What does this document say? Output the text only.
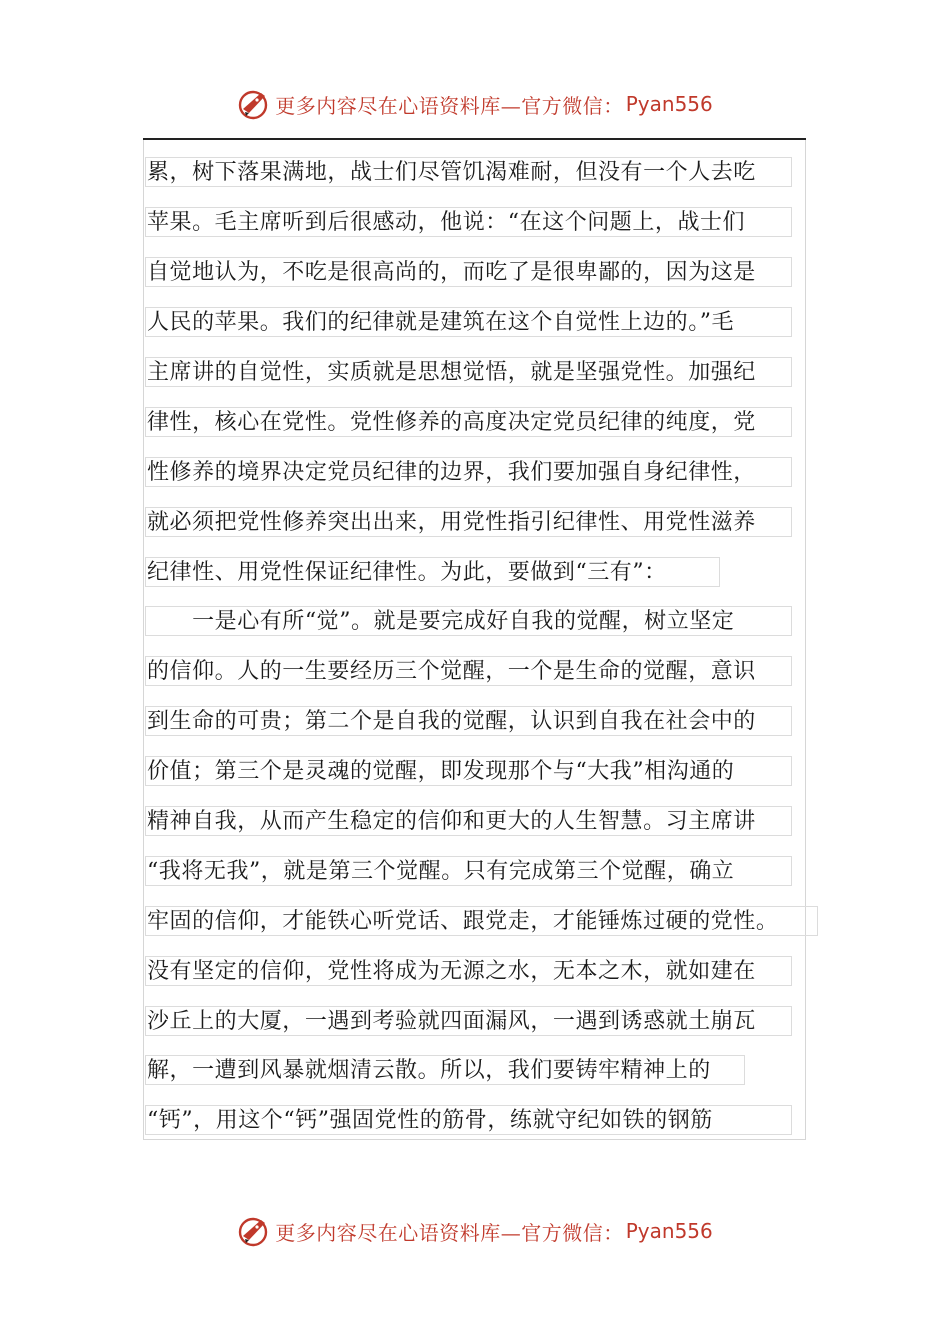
更多内容尽在心语资料库—官方微信： Pyan556
累，树下落果满地，战士们尽管饥渴难耐，但没有一个人去吃
苹果。毛主席听到后很感动，他说：“在这个问题上，战士们
自觉地认为，不吃是很高尚的，而吃了是很卑鄙的，因为这是
人民的苹果。我们的纪律就是建筑在这个自觉性上边的。”毛
主席讲的自觉性，实质就是思想觉悟，就是坚强党性。加强纪
律性，核心在党性。党性修养的高度决定党员纪律的纯度，党
性修养的境界决定党员纪律的边界，我们要加强自身纪律性，
就必须把党性修养突出出来，用党性指引纪律性、用党性滋养
纪律性、用党性保证纪律性。为此，要做到“三有”：
　　一是心有所“觉”。就是要完成好自我的觉醒，树立坚定
的信仰。人的一生要经历三个觉醒，一个是生命的觉醒，意识
到生命的可贵；第二个是自我的觉醒，认识到自我在社会中的
价值；第三个是灵魂的觉醒，即发现那个与“大我”相沟通的
精神自我，从而产生稳定的信仰和更大的人生智慧。习主席讲
“我将无我”，就是第三个觉醒。只有完成第三个觉醒，确立
牢固的信仰，才能铁心听党话、跟党走，才能锤炼过硬的党性。
没有坚定的信仰，党性将成为无源之水，无本之木，就如建在
沙丘上的大厦，一遇到考验就四面漏风，一遇到诱惑就土崩瓦
解，一遭到风暴就烟清云散。所以，我们要铸牢精神上的
“钙”，用这个“钙”强固党性的筋骨，练就守纪如铁的钢筋
更多内容尽在心语资料库—官方微信： Pyan556
